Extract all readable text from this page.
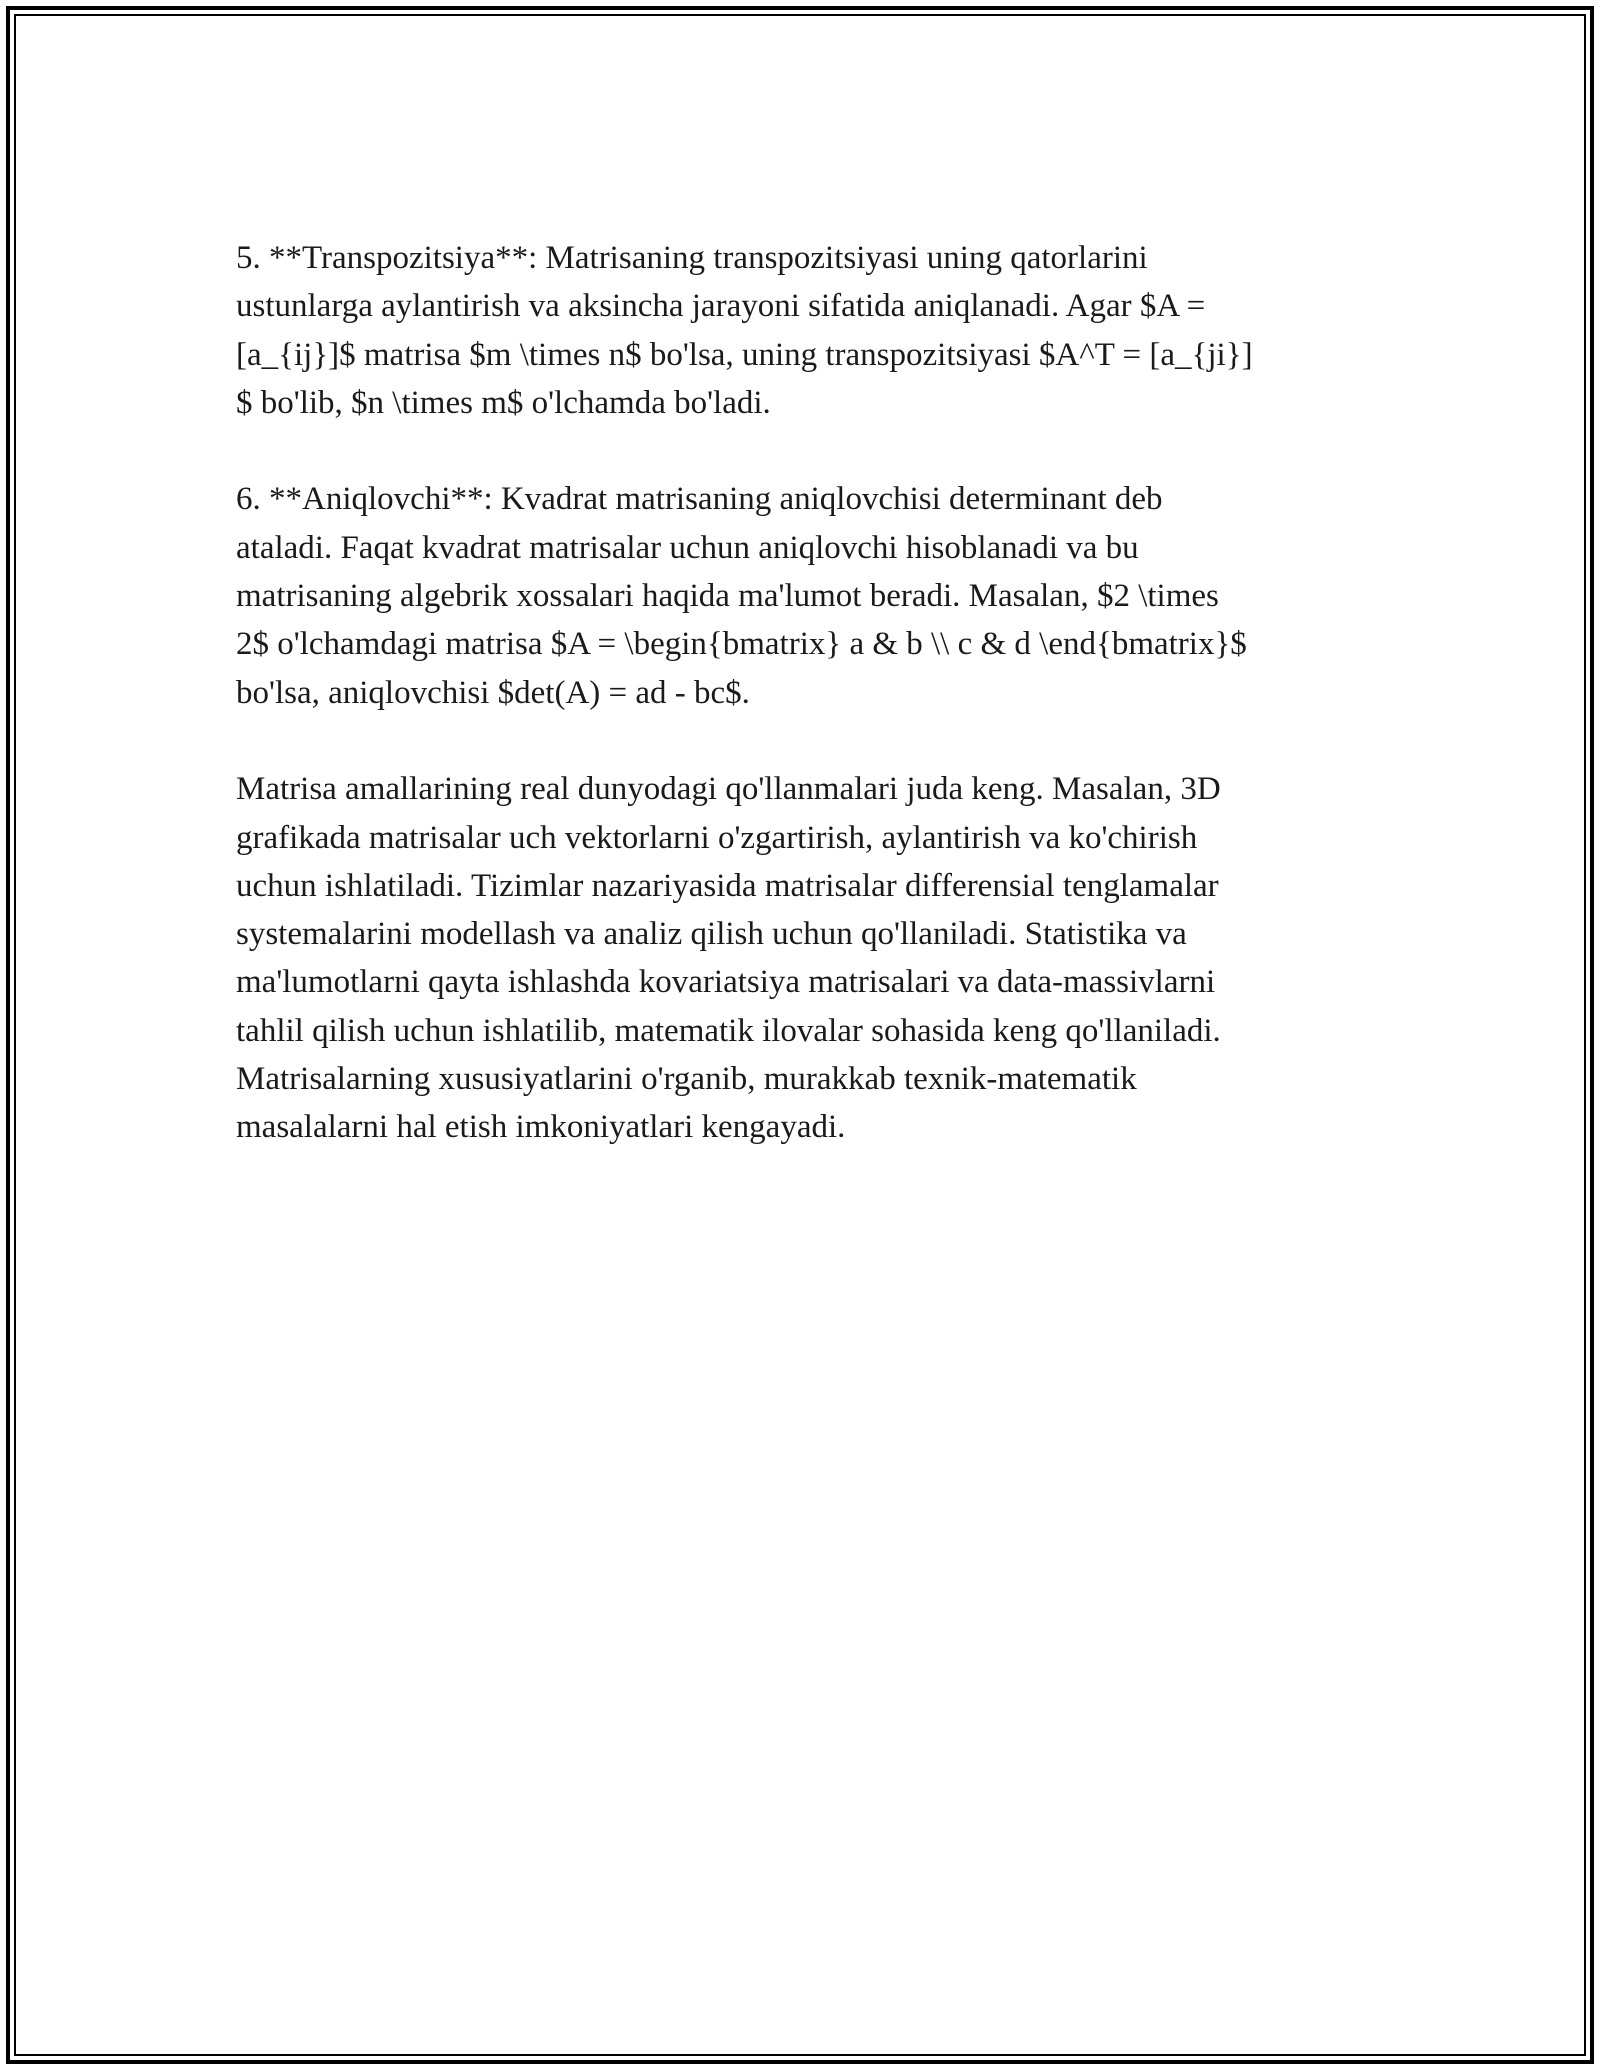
5. **Transpozitsiya**: Matrisaning transpozitsiyasi uning qatorlarini
ustunlarga aylantirish va aksincha jarayoni sifatida aniqlanadi. Agar $A =
[a_{ij}]$ matrisa $m \times n$ bo'lsa, uning transpozitsiyasi $A^T = [a_{ji}]
$ bo'lib, $n \times m$ o'lchamda bo'ladi.

6. **Aniqlovchi**: Kvadrat matrisaning aniqlovchisi determinant deb
ataladi. Faqat kvadrat matrisalar uchun aniqlovchi hisoblanadi va bu
matrisaning algebrik xossalari haqida ma'lumot beradi. Masalan, $2 \times
2$ o'lchamdagi matrisa $A = \begin{bmatrix} a & b \\ c & d \end{bmatrix}$
bo'lsa, aniqlovchisi $det(A) = ad - bc$.

Matrisa amallarining real dunyodagi qo'llanmalari juda keng. Masalan, 3D
grafikada matrisalar uch vektorlarni o'zgartirish, aylantirish va ko'chirish
uchun ishlatiladi. Tizimlar nazariyasida matrisalar differensial tenglamalar
systemalarini modellash va analiz qilish uchun qo'llaniladi. Statistika va
ma'lumotlarni qayta ishlashda kovariatsiya matrisalari va data-massivlarni
tahlil qilish uchun ishlatilib, matematik ilovalar sohasida keng qo'llaniladi.
Matrisalarning xususiyatlarini o'rganib, murakkab texnik-matematik
masalalarni hal etish imkoniyatlari kengayadi.
